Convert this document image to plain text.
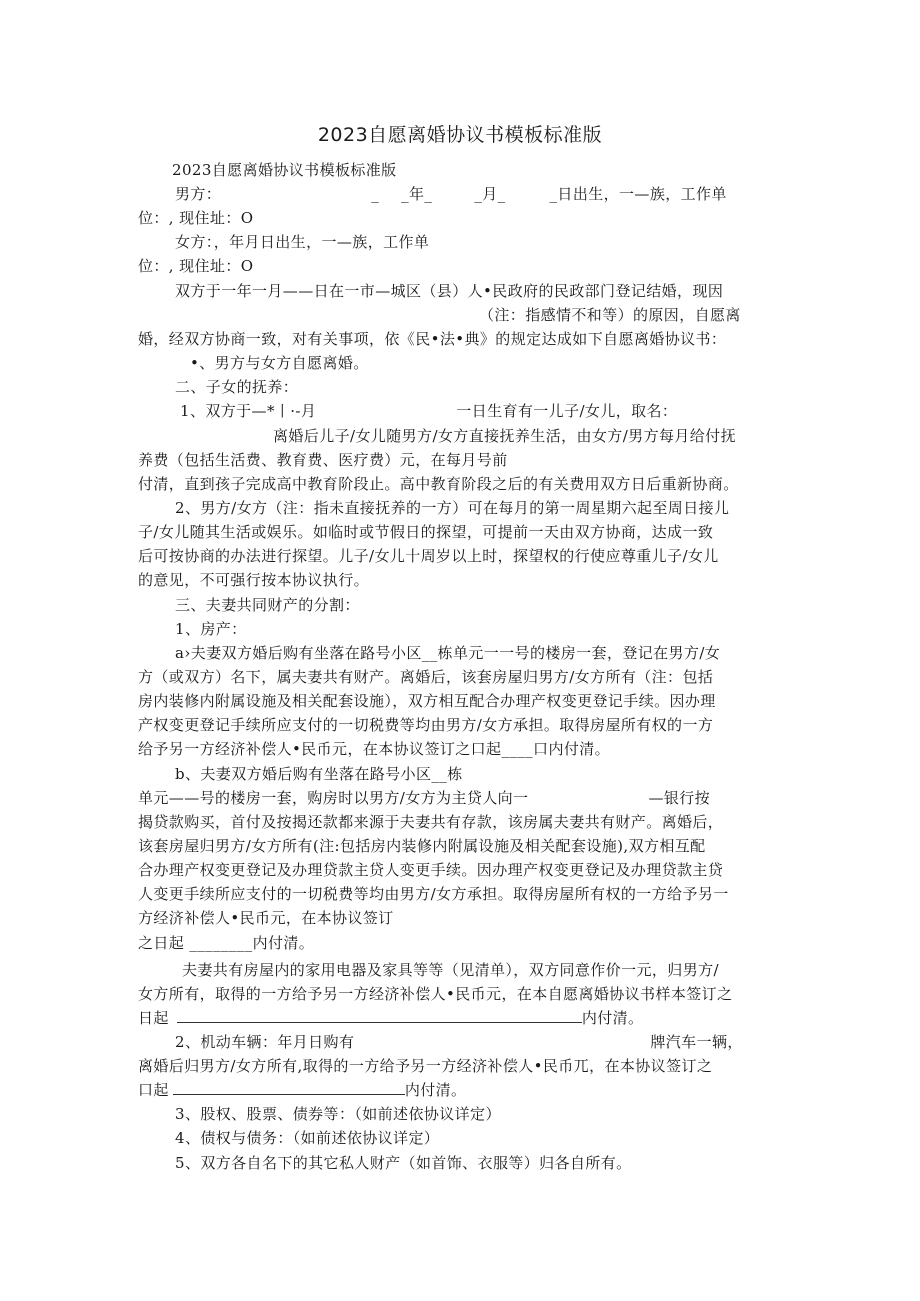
2023自愿离婚协议书模板标准版
2023自愿离婚协议书模板标准版
男方：	_ _年_	_月_	_日出生，一—族，工作单
位：, 现住址：O
女方：，年月日出生，一—族，工作单
位：, 现住址：O
双方于一年一月——日在一市—城区（县）人•民政府的民政部门登记结婚，现因
（注：指感情不和等）的原因，自愿离
婚，经双方协商一致，对有关事项，依《民•法•典》的规定达成如下自愿离婚协议书：
•、男方与女方自愿离婚。
二、子女的抚养：
1、双方于—*丨·-月	一日生育有一儿子/女儿，取名：
离婚后儿子/女儿随男方/女方直接抚养生活，由女方/男方每月给付抚
养费（包括生活费、教育费、医疗费）元，在每月号前
付清，直到孩子完成高中教育阶段止。高中教育阶段之后的有关费用双方日后重新协商。
2、男方/女方（注：指未直接抚养的一方）可在每月的第一周星期六起至周日接儿
子/女儿随其生活或娱乐。如临时或节假日的探望，可提前一天由双方协商，达成一致
后可按协商的办法进行探望。儿子/女儿十周岁以上时，探望权的行使应尊重儿子/女儿
的意见，不可强行按本协议执行。
三、夫妻共同财产的分割：
1、房产：
a›夫妻双方婚后购有坐落在路号小区__栋单元一一号的楼房一套，登记在男方/女
方（或双方）名下，属夫妻共有财产。离婚后，该套房屋归男方/女方所有（注：包括
房内装修内附属设施及相关配套设施），双方相互配合办理产权变更登记手续。因办理
产权变更登记手续所应支付的一切税费等均由男方/女方承担。取得房屋所有权的一方
给予另一方经济补偿人•民币元，在本协议签订之口起____口内付清。
b、夫妻双方婚后购有坐落在路号小区__栋
单元——号的楼房一套，购房时以男方/女方为主贷人向一	—银行按
揭贷款购买，首付及按揭还款都来源于夫妻共有存款，该房属夫妻共有财产。离婚后，
该套房屋归男方/女方所有(注:包括房内装修内附属设施及相关配套设施),双方相互配
合办理产权变更登记及办理贷款主贷人变更手续。因办理产权变更登记及办理贷款主贷
人变更手续所应支付的一切税费等均由男方/女方承担。取得房屋所有权的一方给予另一
方经济补偿人•民币元，在本协议签订
之日起 ________内付清。
夫妻共有房屋内的家用电器及家具等等（见清单），双方同意作价一元，归男方/
女方所有，取得的一方给予另一方经济补偿人•民币元，在本自愿离婚协议书样本签订之
日起	内付清。
2、机动车辆：年月日购有	牌汽车一辆，
离婚后归男方/女方所有,取得的一方给予另一方经济补偿人•民币兀，在本协议签订之
口起	内付清。
3、股权、股票、债券等：（如前述依协议详定）
4、债权与债务：（如前述依协议详定）
5、双方各自名下的其它私人财产（如首饰、衣服等）归各自所有。
